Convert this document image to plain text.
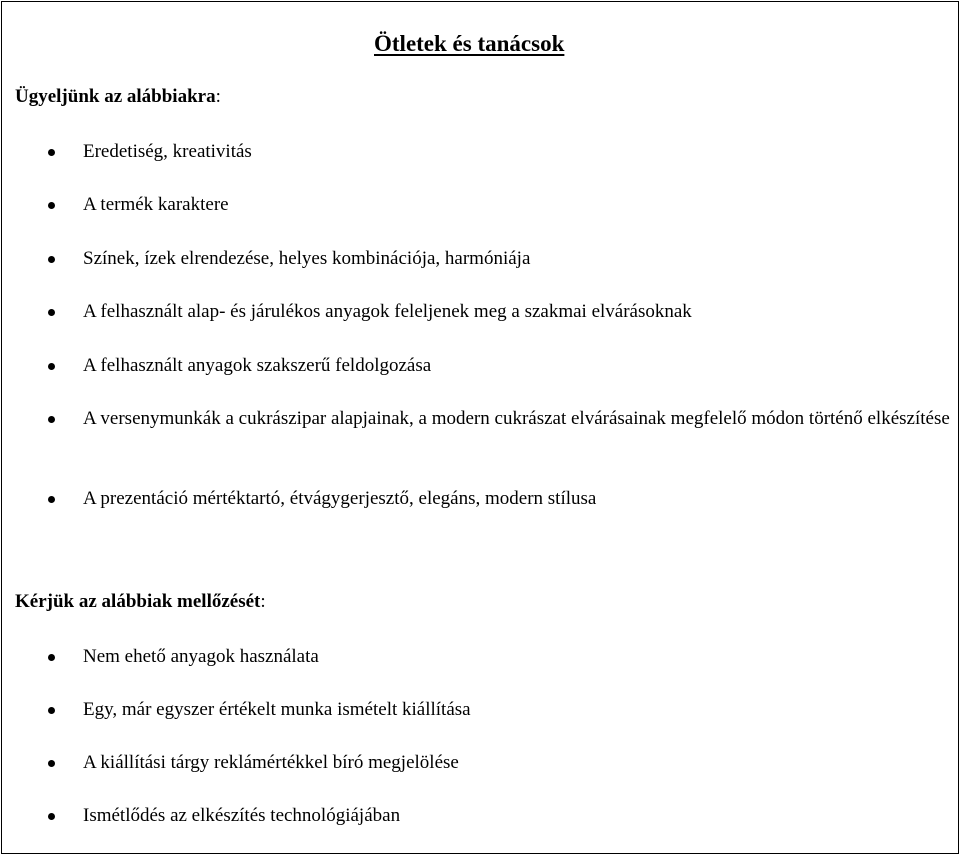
Ötletek és tanácsok
Ügyeljünk az alábbiakra:
Eredetiség, kreativitás
A termék karaktere
Színek, ízek elrendezése, helyes kombinációja, harmóniája
A felhasznált alap- és járulékos anyagok feleljenek meg a szakmai elvárásoknak
A felhasznált anyagok szakszerű feldolgozása
A versenymunkák a cukrászipar alapjainak, a modern cukrászat elvárásainak megfelelő módon történő elkészítése
A prezentáció mértéktartó, étvágygerjesztő, elegáns, modern stílusa
Kérjük az alábbiak mellőzését:
Nem ehető anyagok használata
Egy, már egyszer értékelt munka ismételt kiállítása
A kiállítási tárgy reklámértékkel bíró megjelölése
Ismétlődés az elkészítés technológiájában
